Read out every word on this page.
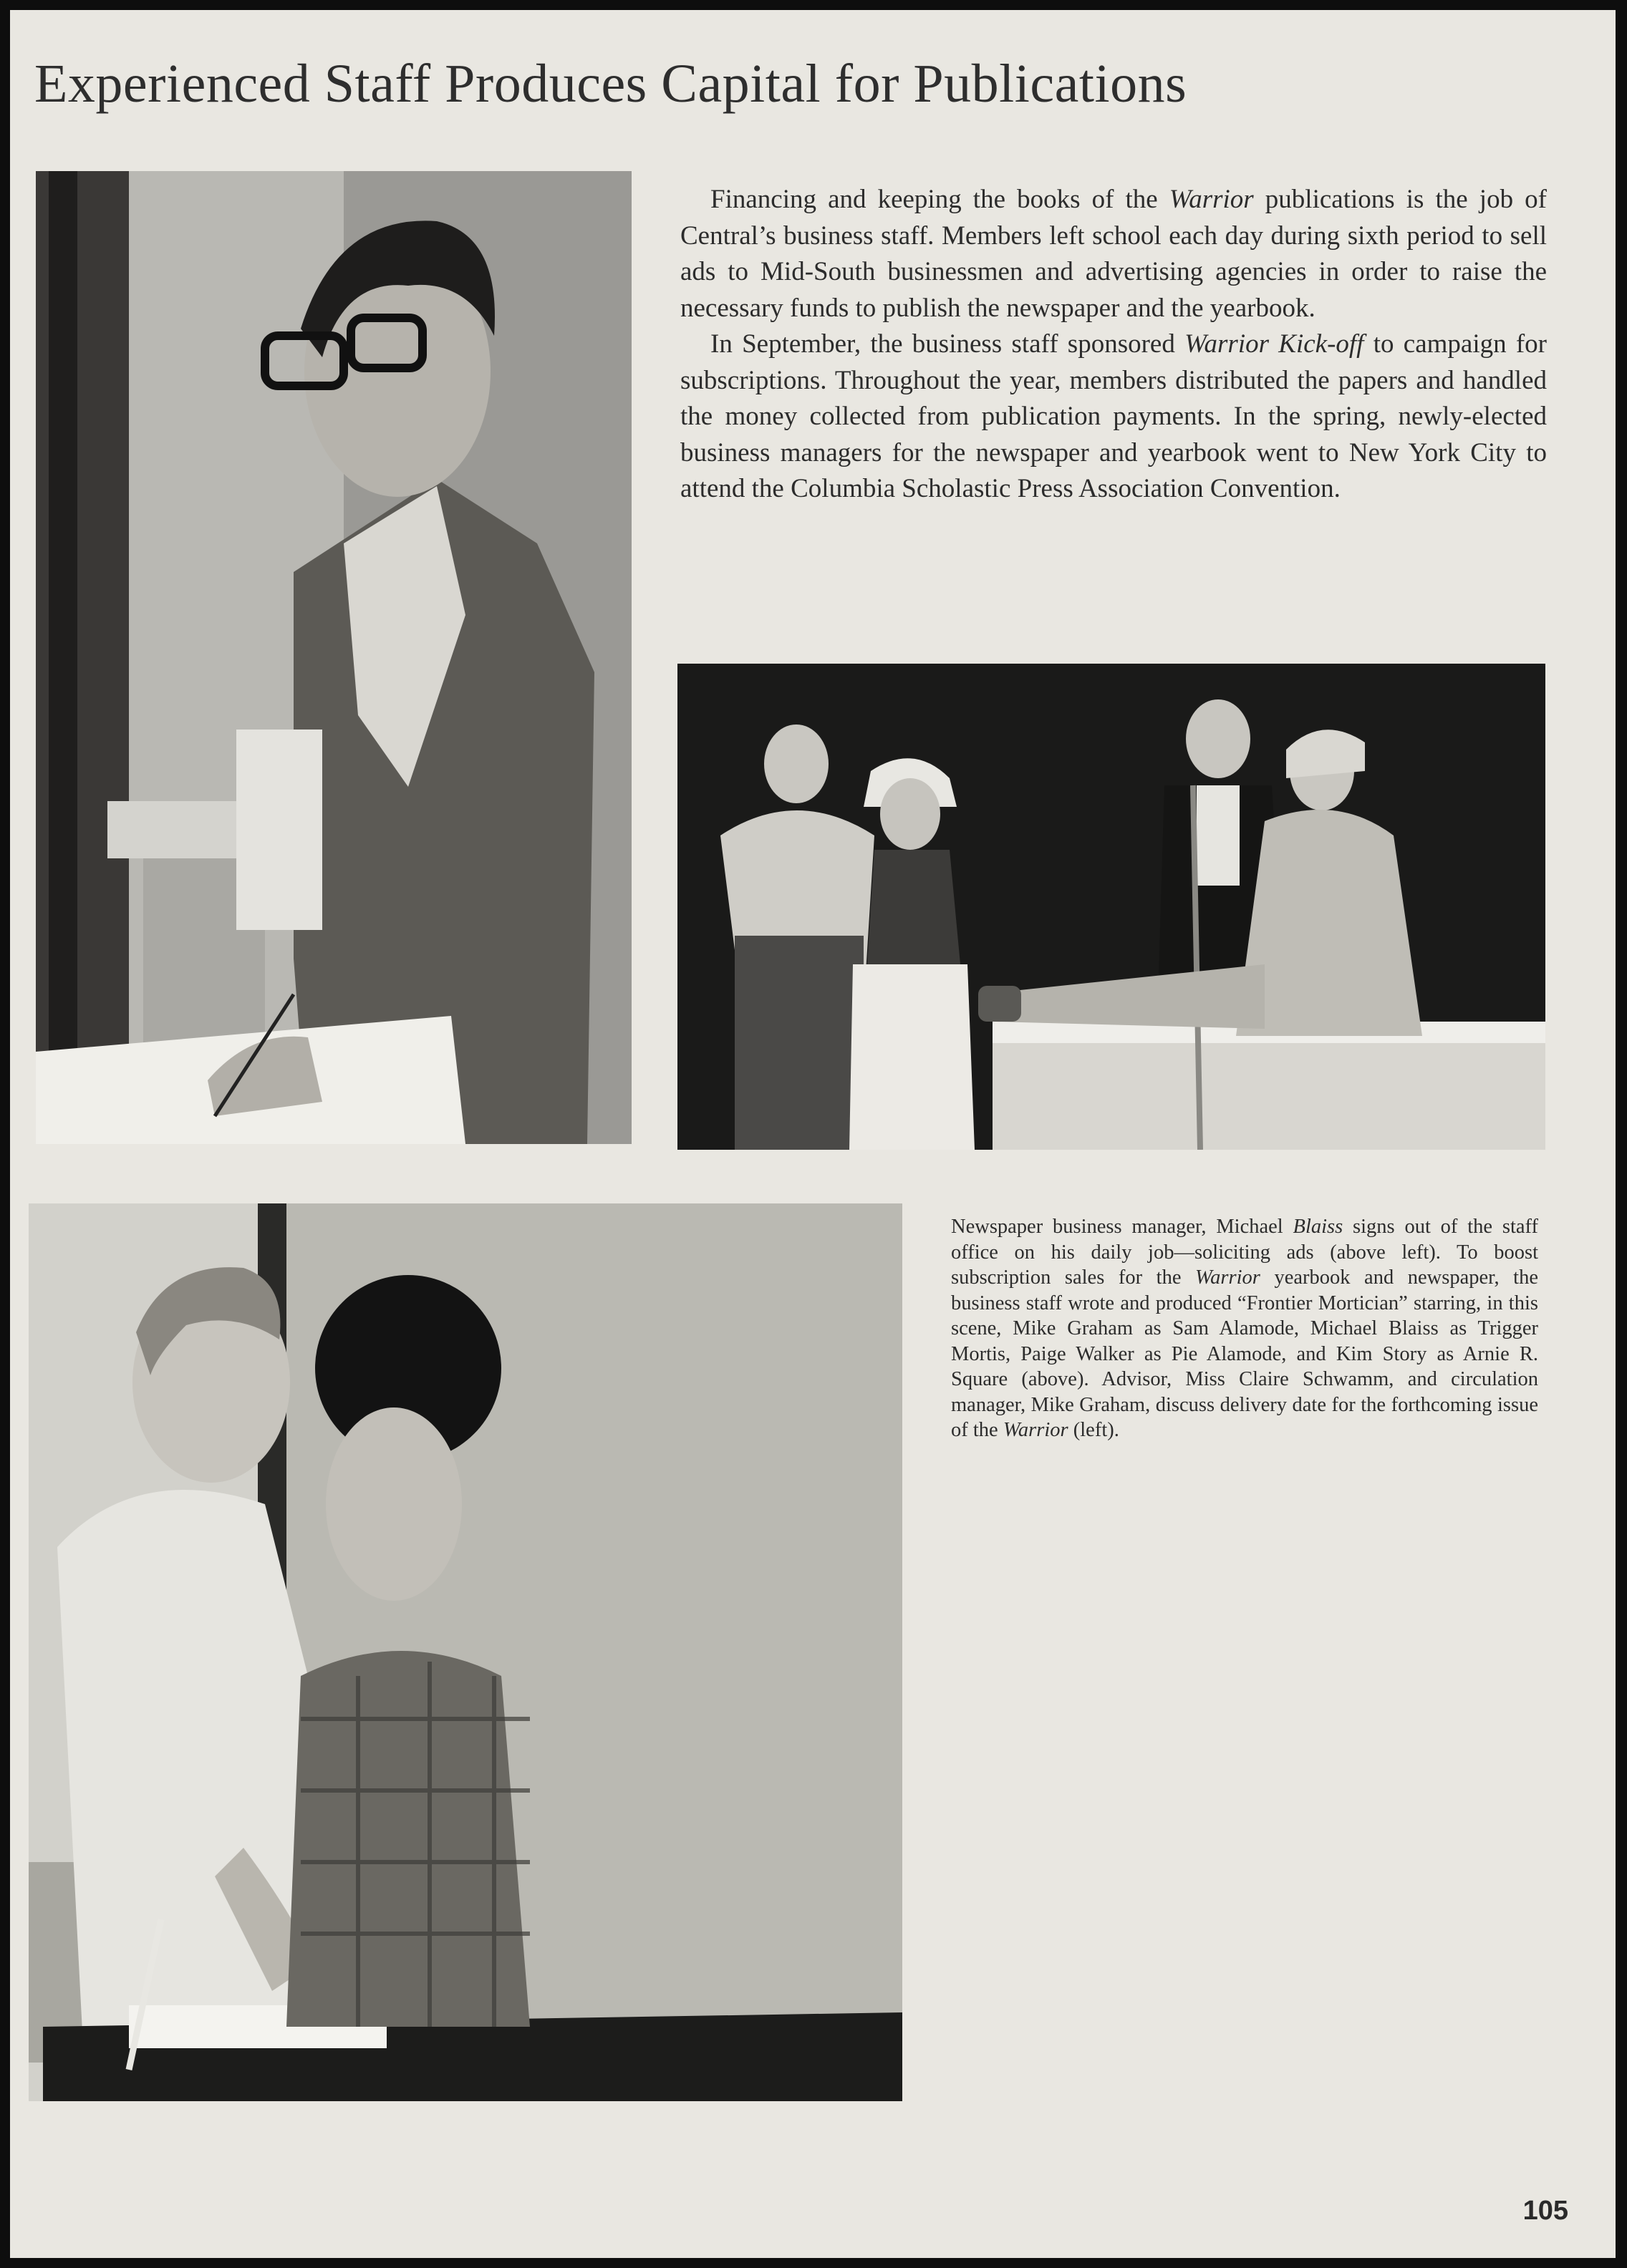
Experienced Staff Produces Capital for Publications

Financing and keeping the books of the Warrior publications is the job of Central’s business staff. Members left school each day during sixth period to sell ads to Mid-South businessmen and advertising agencies in order to raise the necessary funds to publish the newspaper and the yearbook.

In September, the business staff sponsored Warrior Kick-off to campaign for subscriptions. Throughout the year, members distributed the papers and handled the money collected from publication payments. In the spring, newly-elected business managers for the newspaper and yearbook went to New York City to attend the Columbia Scholastic Press Association Convention.

Newspaper business manager, Michael Blaiss signs out of the staff office on his daily job—soliciting ads (above left). To boost subscription sales for the Warrior yearbook and newspaper, the business staff wrote and produced “Frontier Mortician” starring, in this scene, Mike Graham as Sam Alamode, Michael Blaiss as Trigger Mortis, Paige Walker as Pie Alamode, and Kim Story as Arnie R. Square (above). Advisor, Miss Claire Schwamm, and circulation manager, Mike Graham, discuss delivery date for the forthcoming issue of the Warrior (left).

105
